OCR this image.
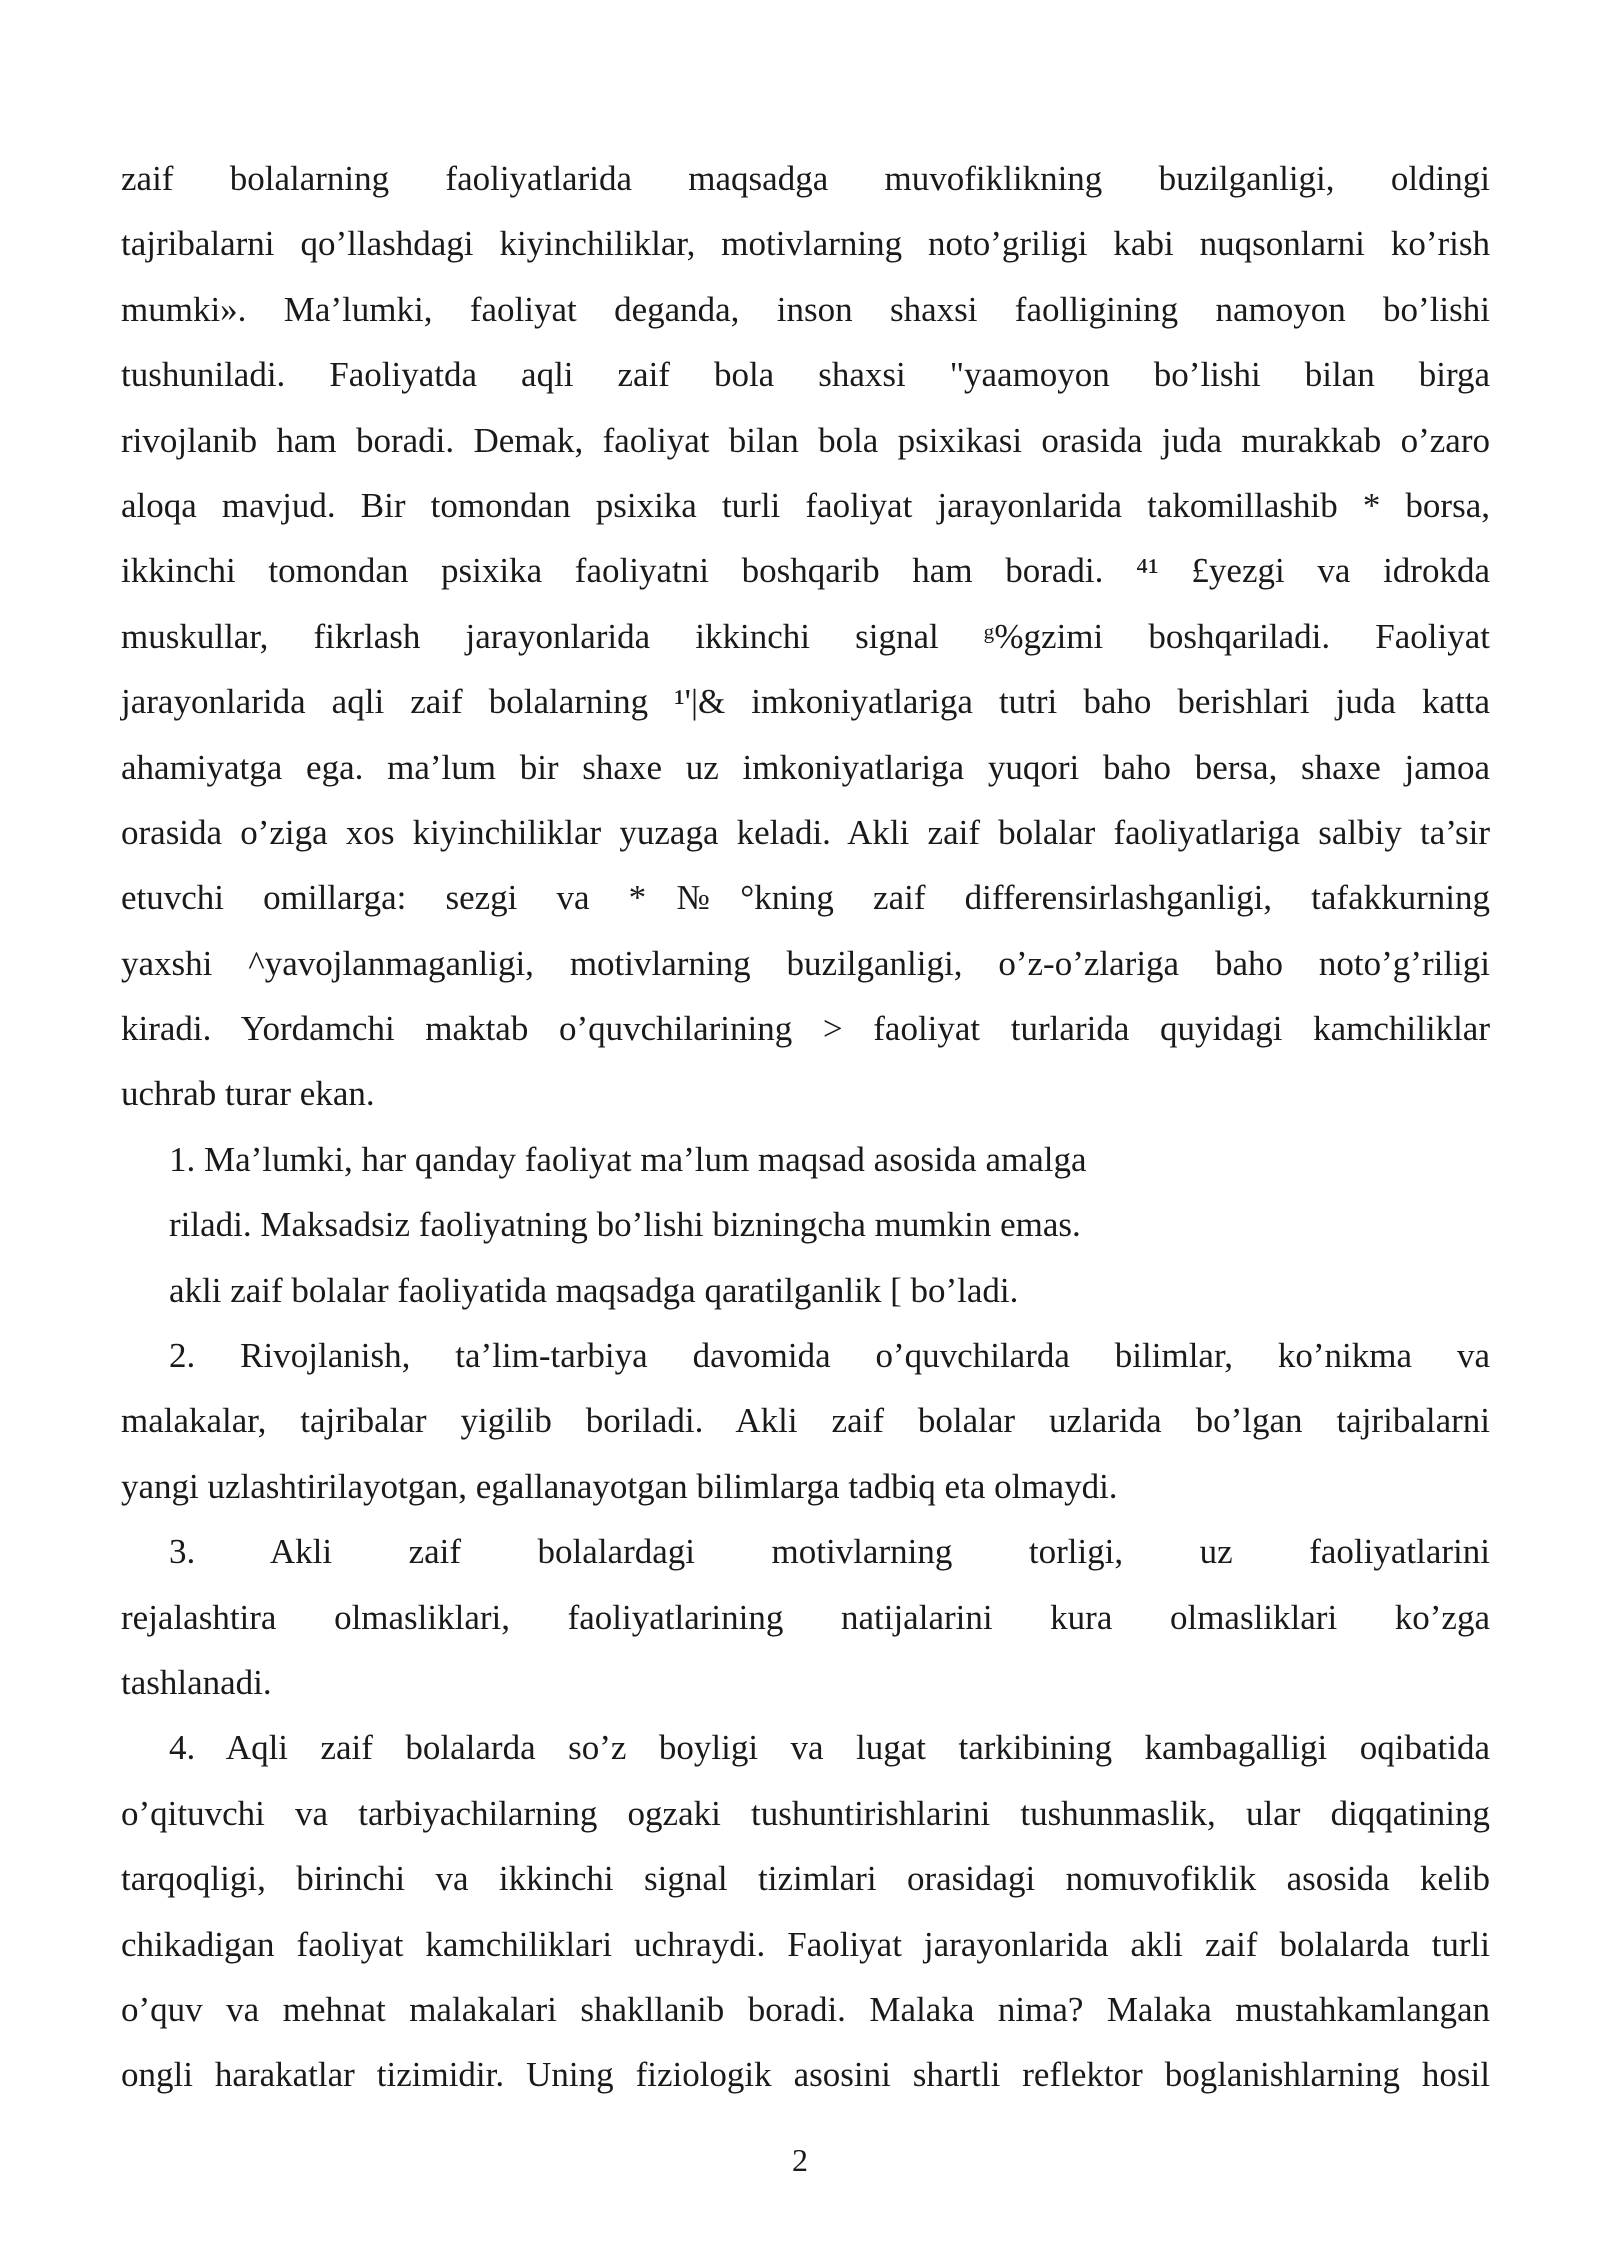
zaif bolalarning faoliyatlarida maqsadga muvofiklikning buzilganligi, oldingi
tajribalarni qo’llashdagi kiyinchiliklar, motivlarning noto’griligi kabi nuqsonlarni ko’rish
mumki». Ma’lumki, faoliyat deganda, inson shaxsi faolligining namoyon bo’lishi
tushuniladi. Faoliyatda aqli zaif bola shaxsi "yaamoyon bo’lishi bilan birga
rivojlanib ham boradi. Demak, faoliyat bilan bola psixikasi orasida juda murakkab o’zaro
aloqa mavjud. Bir tomondan psixika turli faoliyat jarayonlarida takomillashib * borsa,
ikkinchi tomondan psixika faoliyatni boshqarib ham boradi. ⁴¹ £yezgi va idrokda
muskullar, fikrlash jarayonlarida ikkinchi signal ᵍ%gzimi boshqariladi. Faoliyat
jarayonlarida aqli zaif bolalarning ¹'|& imkoniyatlariga tutri baho berishlari juda katta
ahamiyatga ega. ma’lum bir shaxe uz imkoniyatlariga yuqori baho bersa, shaxe jamoa
orasida o’ziga xos kiyinchiliklar yuzaga keladi. Akli zaif bolalar faoliyatlariga salbiy ta’sir
etuvchi omillarga: sezgi va *№°kning zaif differensirlashganligi, tafakkurning
yaxshi ^yavojlanmaganligi, motivlarning buzilganligi, o’z-o’zlariga baho noto’g’riligi
kiradi. Yordamchi maktab o’quvchilarining > faoliyat turlarida quyidagi kamchiliklar
uchrab turar ekan.
1. Ma’lumki, har qanday faoliyat ma’lum maqsad asosida amalga
riladi. Maksadsiz faoliyatning bo’lishi bizningcha mumkin emas.
akli zaif bolalar faoliyatida maqsadga qaratilganlik [ bo’ladi.
2. Rivojlanish, ta’lim-tarbiya davomida o’quvchilarda bilimlar, ko’nikma va
malakalar, tajribalar yigilib boriladi. Akli zaif bolalar uzlarida bo’lgan tajribalarni
yangi uzlashtirilayotgan, egallanayotgan bilimlarga tadbiq eta olmaydi.
3. Akli zaif bolalardagi motivlarning torligi, uz faoliyatlarini
rejalashtira olmasliklari, faoliyatlarining natijalarini kura olmasliklari ko’zga
tashlanadi.
4. Aqli zaif bolalarda so’z boyligi va lugat tarkibining kambagalligi oqibatida
o’qituvchi va tarbiyachilarning ogzaki tushuntirishlarini tushunmaslik, ular diqqatining
tarqoqligi, birinchi va ikkinchi signal tizimlari orasidagi nomuvofiklik asosida kelib
chikadigan faoliyat kamchiliklari uchraydi. Faoliyat jarayonlarida akli zaif bolalarda turli
o’quv va mehnat malakalari shakllanib boradi. Malaka nima? Malaka mustahkamlangan
ongli harakatlar tizimidir. Uning fiziologik asosini shartli reflektor boglanishlarning hosil
2
